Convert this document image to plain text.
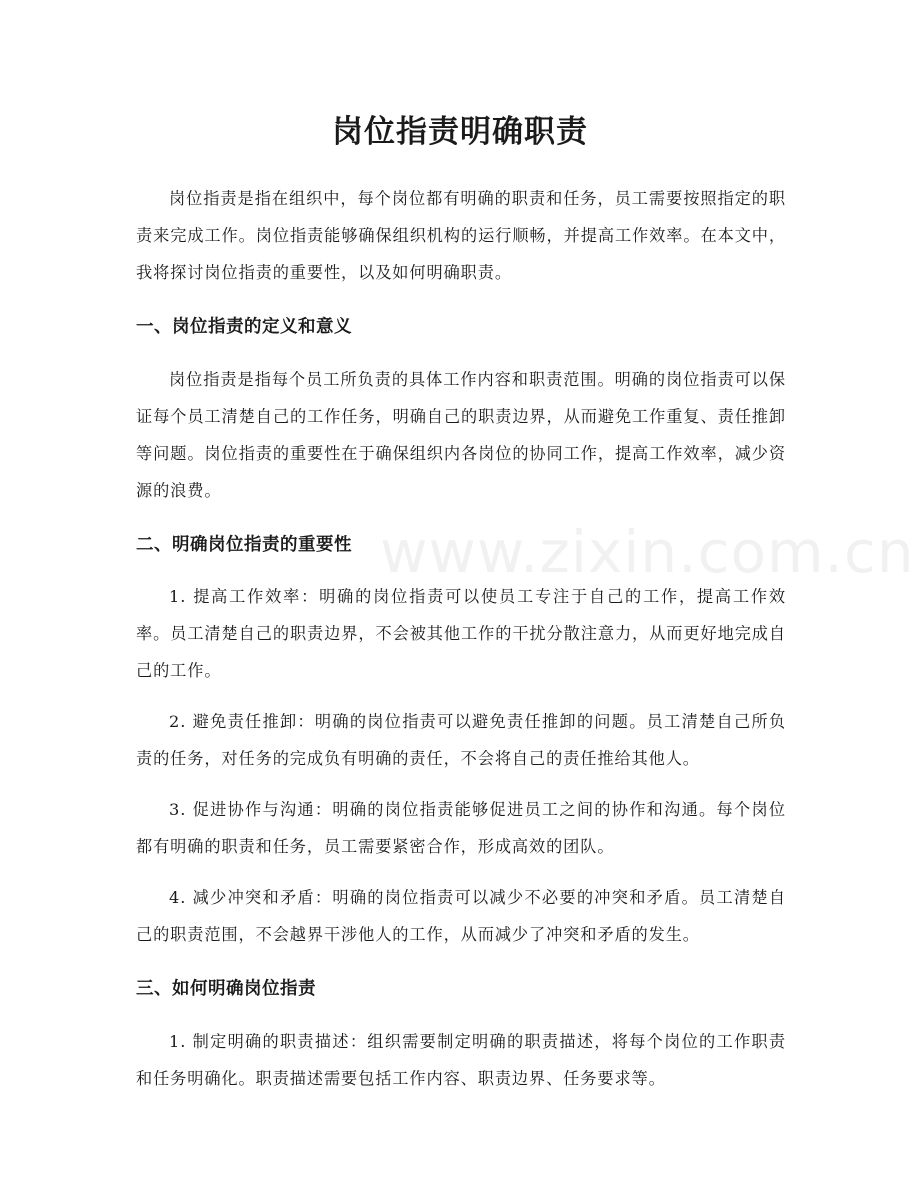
www.zixin.com.cn
岗位指责明确职责

岗位指责是指在组织中，每个岗位都有明确的职责和任务，员工需要按照指定的职责来完成工作。岗位指责能够确保组织机构的运行顺畅，并提高工作效率。在本文中，我将探讨岗位指责的重要性，以及如何明确职责。

一、岗位指责的定义和意义

岗位指责是指每个员工所负责的具体工作内容和职责范围。明确的岗位指责可以保证每个员工清楚自己的工作任务，明确自己的职责边界，从而避免工作重复、责任推卸等问题。岗位指责的重要性在于确保组织内各岗位的协同工作，提高工作效率，减少资源的浪费。

二、明确岗位指责的重要性

1. 提高工作效率：明确的岗位指责可以使员工专注于自己的工作，提高工作效率。员工清楚自己的职责边界，不会被其他工作的干扰分散注意力，从而更好地完成自己的工作。

2. 避免责任推卸：明确的岗位指责可以避免责任推卸的问题。员工清楚自己所负责的任务，对任务的完成负有明确的责任，不会将自己的责任推给其他人。

3. 促进协作与沟通：明确的岗位指责能够促进员工之间的协作和沟通。每个岗位都有明确的职责和任务，员工需要紧密合作，形成高效的团队。

4. 减少冲突和矛盾：明确的岗位指责可以减少不必要的冲突和矛盾。员工清楚自己的职责范围，不会越界干涉他人的工作，从而减少了冲突和矛盾的发生。

三、如何明确岗位指责

1. 制定明确的职责描述：组织需要制定明确的职责描述，将每个岗位的工作职责和任务明确化。职责描述需要包括工作内容、职责边界、任务要求等。
